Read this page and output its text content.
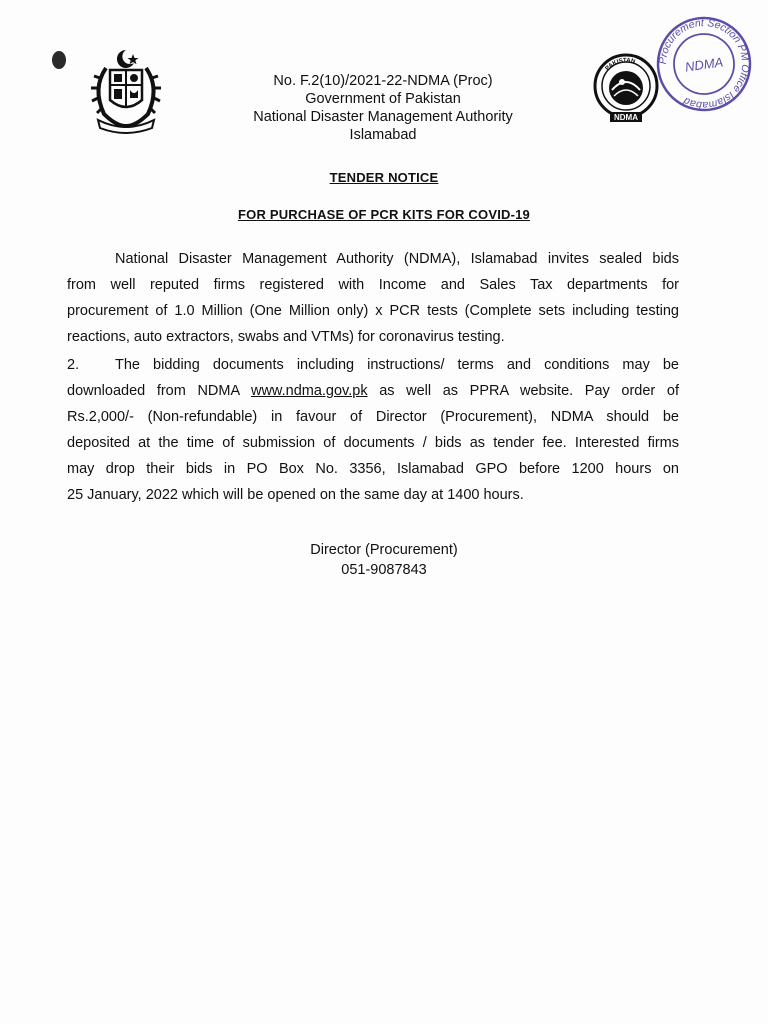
PAKISTAN
NDMA
Procurement Section PM Office Islamabad
NDMA
No. F.2(10)/2021-22-NDMA (Proc)
Government of Pakistan
National Disaster Management Authority
Islamabad
TENDER NOTICE
FOR PURCHASE OF PCR KITS FOR COVID-19
National Disaster Management Authority (NDMA), Islamabad invites sealed bids
from well reputed firms registered with Income and Sales Tax departments for
procurement of 1.0 Million (One Million only) x PCR tests (Complete sets including testing
reactions, auto extractors, swabs and VTMs) for coronavirus testing.
2. The bidding documents including instructions/ terms and conditions may be
downloaded from NDMA www.ndma.gov.pk as well as PPRA website. Pay order of
Rs.2,000/- (Non-refundable) in favour of Director (Procurement), NDMA should be
deposited at the time of submission of documents / bids as tender fee. Interested firms
may drop their bids in PO Box No. 3356, Islamabad GPO before 1200 hours on
25 January, 2022 which will be opened on the same day at 1400 hours.
Director (Procurement)
051-9087843
